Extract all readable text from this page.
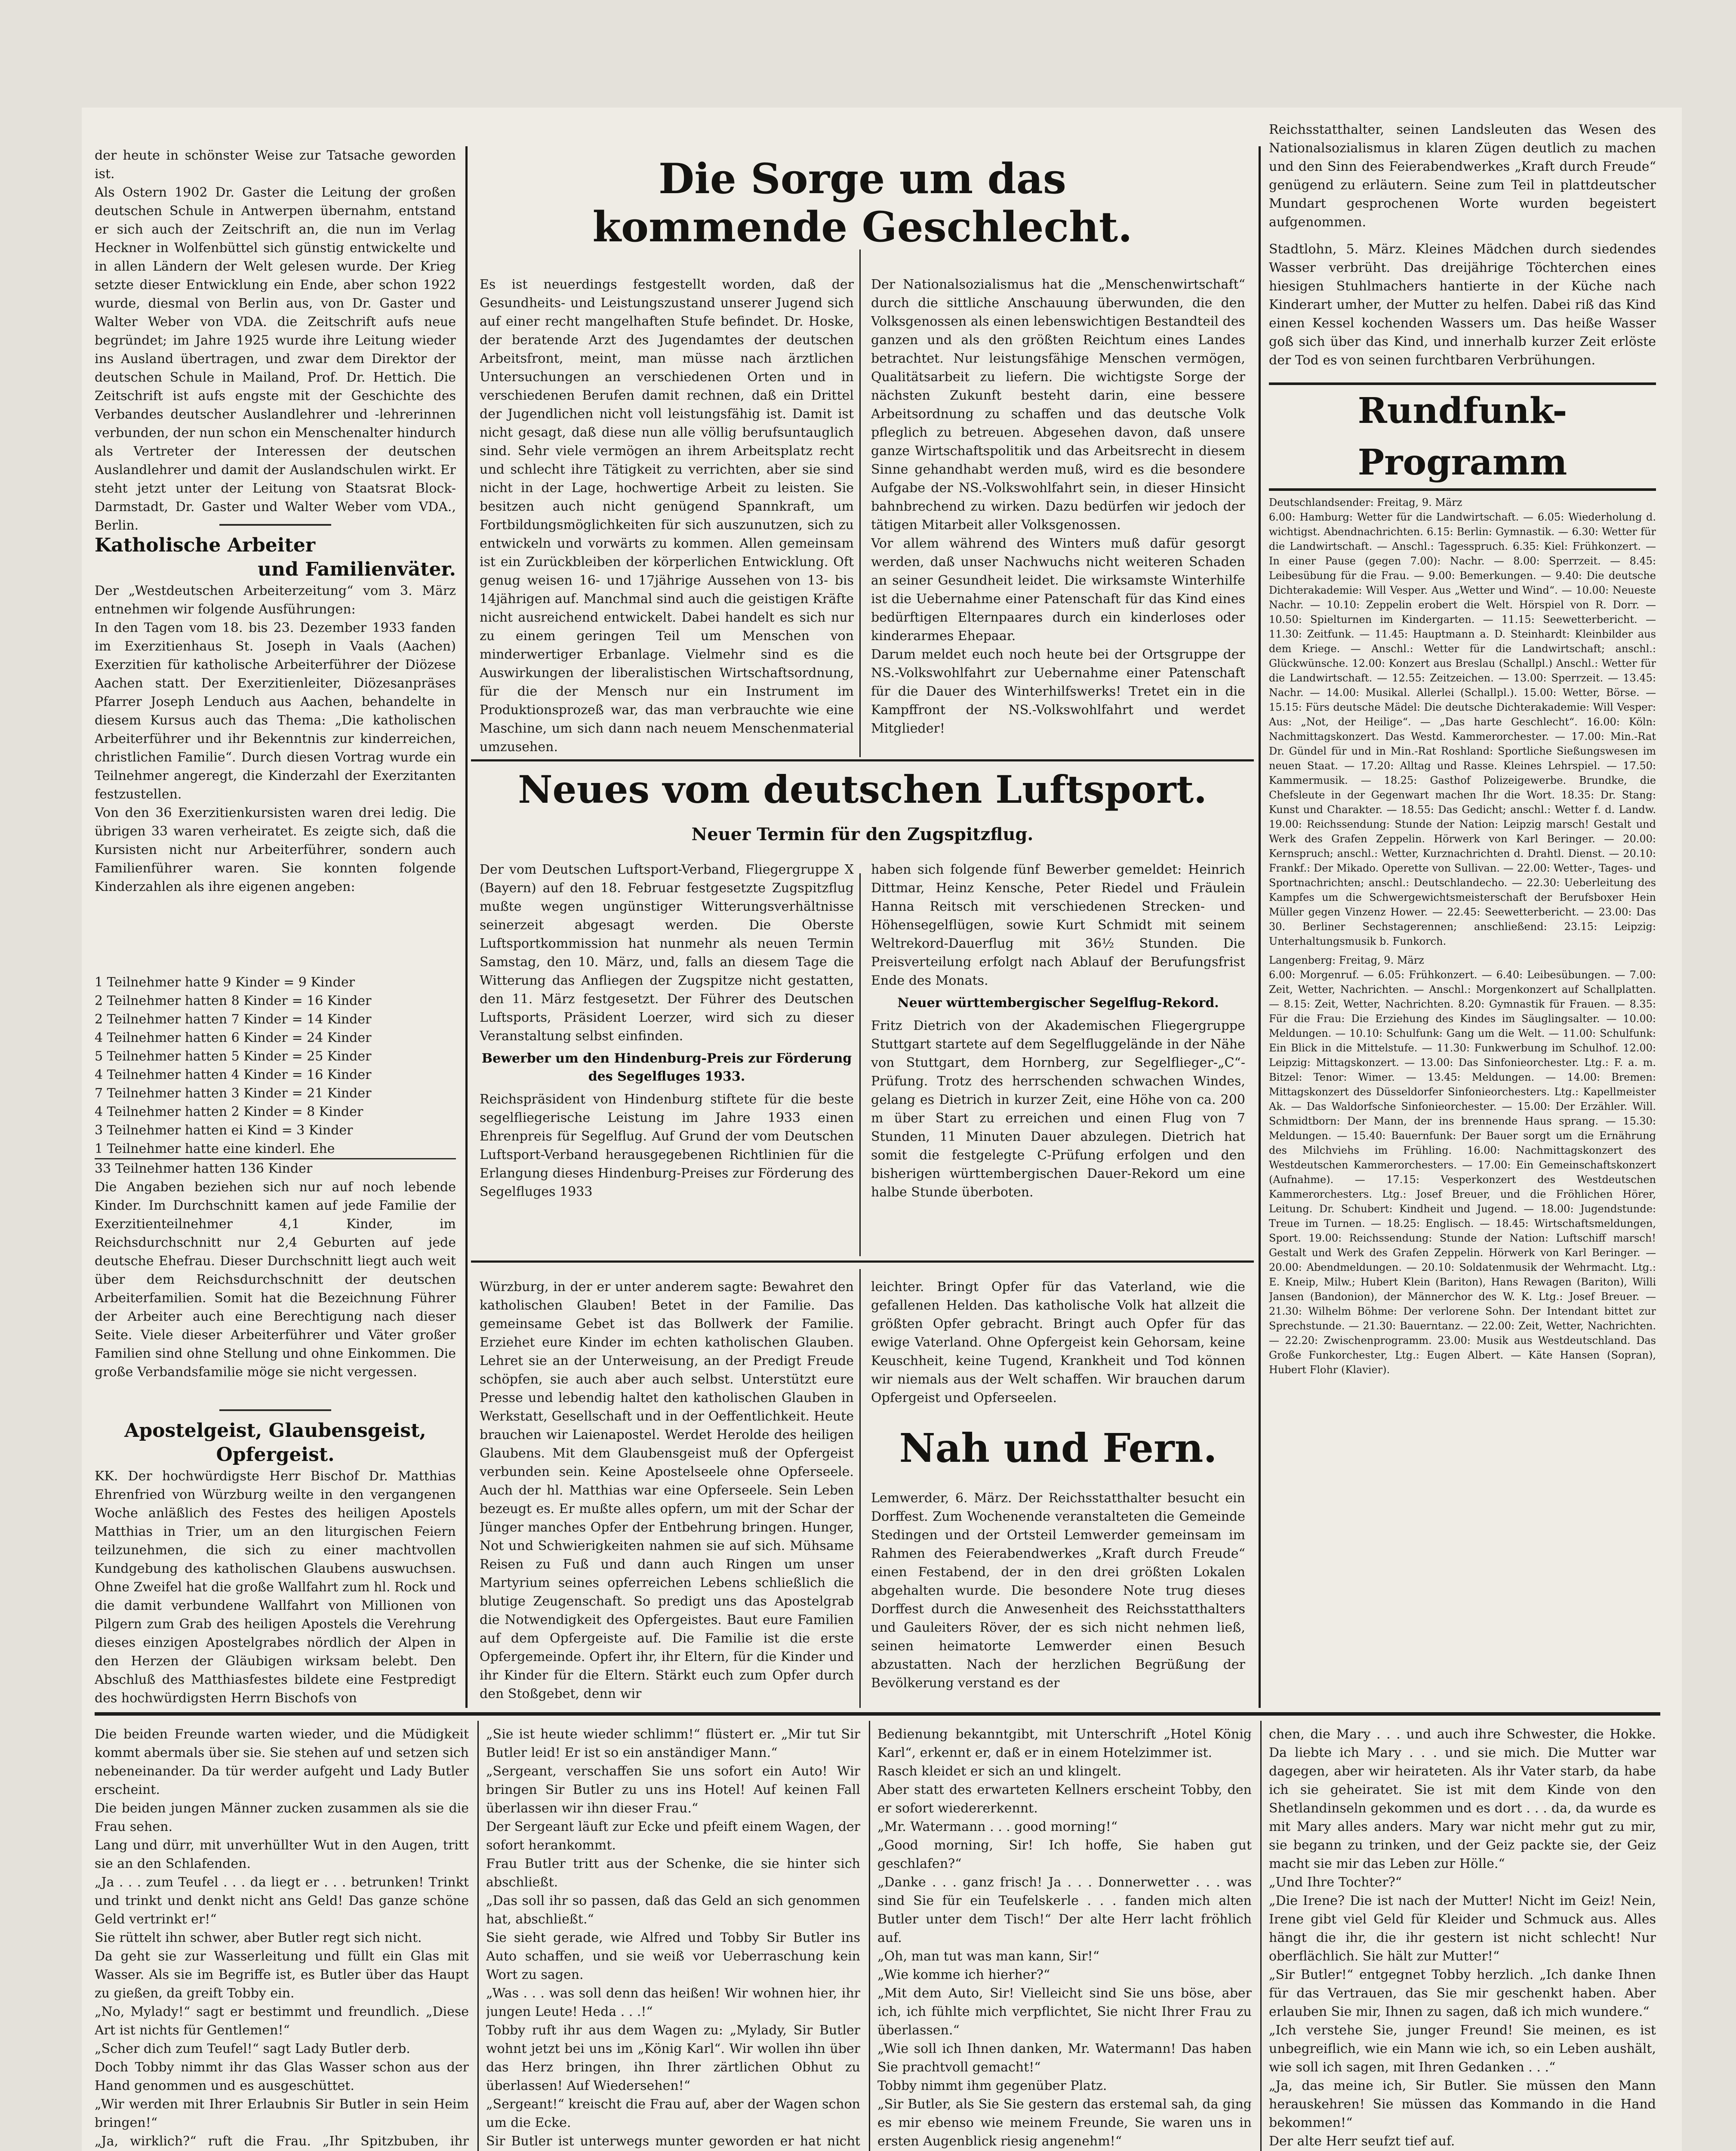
der heute in schönster Weise zur Tatsache geworden ist.
Als Ostern 1902 Dr. Gaster die Leitung der großen deutschen Schule in Antwerpen übernahm, entstand er sich auch der Zeitschrift an, die nun im Verlag Heckner in Wolfenbüttel sich günstig entwickelte und in allen Ländern der Welt gelesen wurde. Der Krieg setzte dieser Entwicklung ein Ende, aber schon 1922 wurde, diesmal von Berlin aus, von Dr. Gaster und Walter Weber von VDA. die Zeitschrift aufs neue begründet; im Jahre 1925 wurde ihre Leitung wieder ins Ausland übertragen, und zwar dem Direktor der deutschen Schule in Mailand, Prof. Dr. Hettich. Die Zeitschrift ist aufs engste mit der Geschichte des Verbandes deutscher Auslandlehrer und -lehrerinnen verbunden, der nun schon ein Menschenalter hindurch als Vertreter der Interessen der deutschen Auslandlehrer und damit der Auslandschulen wirkt. Er steht jetzt unter der Leitung von Staatsrat Block-Darmstadt, Dr. Gaster und Walter Weber vom VDA., Berlin.

Katholische Arbeiter

und Familienväter.

Der „Westdeutschen Arbeiterzeitung“ vom 3. März entnehmen wir folgende Ausführungen:
In den Tagen vom 18. bis 23. Dezember 1933 fanden im Exerzitienhaus St. Joseph in Vaals (Aachen) Exerzitien für katholische Arbeiterführer der Diözese Aachen statt. Der Exerzitienleiter, Diözesanpräses Pfarrer Joseph Lenduch aus Aachen, behandelte in diesem Kursus auch das Thema: „Die katholischen Arbeiterführer und ihr Bekenntnis zur kinderreichen, christlichen Familie“. Durch diesen Vortrag wurde ein Teilnehmer angeregt, die Kinderzahl der Exerzitanten festzustellen.
Von den 36 Exerzitienkursisten waren drei ledig. Die übrigen 33 waren verheiratet. Es zeigte sich, daß die Kursisten nicht nur Arbeiterführer, sondern auch Familienführer waren. Sie konnten folgende Kinderzahlen als ihre eigenen angeben:

1 Teilnehmer hatte 9 Kinder = 9 Kinder
2 Teilnehmer hatten 8 Kinder = 16 Kinder
2 Teilnehmer hatten 7 Kinder = 14 Kinder
4 Teilnehmer hatten 6 Kinder = 24 Kinder
5 Teilnehmer hatten 5 Kinder = 25 Kinder
4 Teilnehmer hatten 4 Kinder = 16 Kinder
7 Teilnehmer hatten 3 Kinder = 21 Kinder
4 Teilnehmer hatten 2 Kinder = 8 Kinder
3 Teilnehmer hatten ei Kind = 3 Kinder
1 Teilnehmer hatte eine kinderl. Ehe
33 Teilnehmer hatten 136 Kinder

Die Angaben beziehen sich nur auf noch lebende Kinder. Im Durchschnitt kamen auf jede Familie der Exerzitienteilnehmer 4,1 Kinder, im Reichsdurchschnitt nur 2,4 Geburten auf jede deutsche Ehefrau. Dieser Durchschnitt liegt auch weit über dem Reichsdurchschnitt der deutschen Arbeiterfamilien. Somit hat die Bezeichnung Führer der Arbeiter auch eine Berechtigung nach dieser Seite. Viele dieser Arbeiterführer und Väter großer Familien sind ohne Stellung und ohne Einkommen. Die große Verbandsfamilie möge sie nicht vergessen.

Apostelgeist, Glaubensgeist,

Opfergeist.

KK. Der hochwürdigste Herr Bischof Dr. Matthias Ehrenfried von Würzburg weilte in den vergangenen Woche anläßlich des Festes des heiligen Apostels Matthias in Trier, um an den liturgischen Feiern teilzunehmen, die sich zu einer machtvollen Kundgebung des katholischen Glaubens auswuchsen. Ohne Zweifel hat die große Wallfahrt zum hl. Rock und die damit verbundene Wallfahrt von Millionen von Pilgern zum Grab des heiligen Apostels die Verehrung dieses einzigen Apostelgrabes nördlich der Alpen in den Herzen der Gläubigen wirksam belebt. Den Abschluß des Matthiasfestes bildete eine Festpredigt des hochwürdigsten Herrn Bischofs von

Die Sorge um das kommende Geschlecht.

Es ist neuerdings festgestellt worden, daß der Gesundheits- und Leistungszustand unserer Jugend sich auf einer recht mangelhaften Stufe befindet. Dr. Hoske, der beratende Arzt des Jugendamtes der deutschen Arbeitsfront, meint, man müsse nach ärztlichen Untersuchungen an verschiedenen Orten und in verschiedenen Berufen damit rechnen, daß ein Drittel der Jugendlichen nicht voll leistungsfähig ist. Damit ist nicht gesagt, daß diese nun alle völlig berufsuntauglich sind. Sehr viele vermögen an ihrem Arbeitsplatz recht und schlecht ihre Tätigkeit zu verrichten, aber sie sind nicht in der Lage, hochwertige Arbeit zu leisten. Sie besitzen auch nicht genügend Spannkraft, um Fortbildungsmöglichkeiten für sich auszunutzen, sich zu entwickeln und vorwärts zu kommen. Allen gemeinsam ist ein Zurückbleiben der körperlichen Entwicklung. Oft genug weisen 16- und 17jährige Aussehen von 13- bis 14jährigen auf. Manchmal sind auch die geistigen Kräfte nicht ausreichend entwickelt. Dabei handelt es sich nur zu einem geringen Teil um Menschen von minderwertiger Erbanlage. Vielmehr sind es die Auswirkungen der liberalistischen Wirtschaftsordnung, für die der Mensch nur ein Instrument im Produktionsprozeß war, das man verbrauchte wie eine Maschine, um sich dann nach neuem Menschenmaterial umzusehen.

Der Nationalsozialismus hat die „Menschenwirtschaft“ durch die sittliche Anschauung überwunden, die den Volksgenossen als einen lebenswichtigen Bestandteil des ganzen und als den größten Reichtum eines Landes betrachtet. Nur leistungsfähige Menschen vermögen, Qualitätsarbeit zu liefern. Die wichtigste Sorge der nächsten Zukunft besteht darin, eine bessere Arbeitsordnung zu schaffen und das deutsche Volk pfleglich zu betreuen. Abgesehen davon, daß unsere ganze Wirtschaftspolitik und das Arbeitsrecht in diesem Sinne gehandhabt werden muß, wird es die besondere Aufgabe der NS.-Volkswohlfahrt sein, in dieser Hinsicht bahnbrechend zu wirken. Dazu bedürfen wir jedoch der tätigen Mitarbeit aller Volksgenossen.
Vor allem während des Winters muß dafür gesorgt werden, daß unser Nachwuchs nicht weiteren Schaden an seiner Gesundheit leidet. Die wirksamste Winterhilfe ist die Uebernahme einer Patenschaft für das Kind eines bedürftigen Elternpaares durch ein kinderloses oder kinderarmes Ehepaar.
Darum meldet euch noch heute bei der Ortsgruppe der NS.-Volkswohlfahrt zur Uebernahme einer Patenschaft für die Dauer des Winterhilfswerks! Tretet ein in die Kampffront der NS.-Volkswohlfahrt und werdet Mitglieder!

Neues vom deutschen Luftsport.

Neuer Termin für den Zugspitzflug.

Der vom Deutschen Luftsport-Verband, Fliegergruppe X (Bayern) auf den 18. Februar festgesetzte Zugspitzflug mußte wegen ungünstiger Witterungsverhältnisse seinerzeit abgesagt werden. Die Oberste Luftsportkommission hat nunmehr als neuen Termin Samstag, den 10. März, und, falls an diesem Tage die Witterung das Anfliegen der Zugspitze nicht gestatten, den 11. März festgesetzt. Der Führer des Deutschen Luftsports, Präsident Loerzer, wird sich zu dieser Veranstaltung selbst einfinden.

Bewerber um den Hindenburg-Preis zur Förderung des Segelfluges 1933.

Reichspräsident von Hindenburg stiftete für die beste segelfliegerische Leistung im Jahre 1933 einen Ehrenpreis für Segelflug. Auf Grund der vom Deutschen Luftsport-Verband herausgegebenen Richtlinien für die Erlangung dieses Hindenburg-Preises zur Förderung des Segelfluges 1933

haben sich folgende fünf Bewerber gemeldet: Heinrich Dittmar, Heinz Kensche, Peter Riedel und Fräulein Hanna Reitsch mit verschiedenen Strecken- und Höhensegelflügen, sowie Kurt Schmidt mit seinem Weltrekord-Dauerflug mit 36½ Stunden. Die Preisverteilung erfolgt nach Ablauf der Berufungsfrist Ende des Monats.

Neuer württembergischer Segelflug-Rekord.

Fritz Dietrich von der Akademischen Fliegergruppe Stuttgart startete auf dem Segelfluggelände in der Nähe von Stuttgart, dem Hornberg, zur Segelflieger-„C“-Prüfung. Trotz des herrschenden schwachen Windes, gelang es Dietrich in kurzer Zeit, eine Höhe von ca. 200 m über Start zu erreichen und einen Flug von 7 Stunden, 11 Minuten Dauer abzulegen. Dietrich hat somit die festgelegte C-Prüfung erfolgen und den bisherigen württembergischen Dauer-Rekord um eine halbe Stunde überboten.

Würzburg, in der er unter anderem sagte: Bewahret den katholischen Glauben! Betet in der Familie. Das gemeinsame Gebet ist das Bollwerk der Familie. Erziehet eure Kinder im echten katholischen Glauben. Lehret sie an der Unterweisung, an der Predigt Freude schöpfen, sie auch aber auch selbst. Unterstützt eure Presse und lebendig haltet den katholischen Glauben in Werkstatt, Gesellschaft und in der Oeffentlichkeit. Heute brauchen wir Laienapostel. Werdet Herolde des heiligen Glaubens. Mit dem Glaubensgeist muß der Opfergeist verbunden sein. Keine Apostelseele ohne Opferseele. Auch der hl. Matthias war eine Opferseele. Sein Leben bezeugt es. Er mußte alles opfern, um mit der Schar der Jünger manches Opfer der Entbehrung bringen. Hunger, Not und Schwierigkeiten nahmen sie auf sich. Mühsame Reisen zu Fuß und dann auch Ringen um unser Martyrium seines opferreichen Lebens schließlich die blutige Zeugenschaft. So predigt uns das Apostelgrab die Notwendigkeit des Opfergeistes. Baut eure Familien auf dem Opfergeiste auf. Die Familie ist die erste Opfergemeinde. Opfert ihr, ihr Eltern, für die Kinder und ihr Kinder für die Eltern. Stärkt euch zum Opfer durch den Stoßgebet, denn wir

leichter. Bringt Opfer für das Vaterland, wie die gefallenen Helden. Das katholische Volk hat allzeit die größten Opfer gebracht. Bringt auch Opfer für das ewige Vaterland. Ohne Opfergeist kein Gehorsam, keine Keuschheit, keine Tugend, Krankheit und Tod können wir niemals aus der Welt schaffen. Wir brauchen darum Opfergeist und Opferseelen.

Nah und Fern.

Lemwerder, 6. März. Der Reichsstatthalter besucht ein Dorffest. Zum Wochenende veranstalteten die Gemeinde Stedingen und der Ortsteil Lemwerder gemeinsam im Rahmen des Feierabendwerkes „Kraft durch Freude“ einen Festabend, der in den drei größten Lokalen abgehalten wurde. Die besondere Note trug dieses Dorffest durch die Anwesenheit des Reichsstatthalters und Gauleiters Röver, der es sich nicht nehmen ließ, seinen heimatorte Lemwerder einen Besuch abzustatten. Nach der herzlichen Begrüßung der Bevölkerung verstand es der

Reichsstatthalter, seinen Landsleuten das Wesen des Nationalsozialismus in klaren Zügen deutlich zu machen und den Sinn des Feierabendwerkes „Kraft durch Freude“ genügend zu erläutern. Seine zum Teil in plattdeutscher Mundart gesprochenen Worte wurden begeistert aufgenommen.

Stadtlohn, 5. März. Kleines Mädchen durch siedendes Wasser verbrüht. Das dreijährige Töchterchen eines hiesigen Stuhlmachers hantierte in der Küche nach Kinderart umher, der Mutter zu helfen. Dabei riß das Kind einen Kessel kochenden Wassers um. Das heiße Wasser goß sich über das Kind, und innerhalb kurzer Zeit erlöste der Tod es von seinen furchtbaren Verbrühungen.

Rundfunk-Programm

Deutschlandsender: Freitag, 9. März
6.00: Hamburg: Wetter für die Landwirtschaft. — 6.05: Wiederholung d. wichtigst. Abendnachrichten. 6.15: Berlin: Gymnastik. — 6.30: Wetter für die Landwirtschaft. — Anschl.: Tagesspruch. 6.35: Kiel: Frühkonzert. — In einer Pause (gegen 7.00): Nachr. — 8.00: Sperrzeit. — 8.45: Leibesübung für die Frau. — 9.00: Bemerkungen. — 9.40: Die deutsche Dichterakademie: Will Vesper. Aus „Wetter und Wind“. — 10.00: Neueste Nachr. — 10.10: Zeppelin erobert die Welt. Hörspiel von R. Dorr. — 10.50: Spielturnen im Kindergarten. — 11.15: Seewetterbericht. — 11.30: Zeitfunk. — 11.45: Hauptmann a. D. Steinhardt: Kleinbilder aus dem Kriege. — Anschl.: Wetter für die Landwirtschaft; anschl.: Glückwünsche. 12.00: Konzert aus Breslau (Schallpl.) Anschl.: Wetter für die Landwirtschaft. — 12.55: Zeitzeichen. — 13.00: Sperrzeit. — 13.45: Nachr. — 14.00: Musikal. Allerlei (Schallpl.). 15.00: Wetter, Börse. — 15.15: Fürs deutsche Mädel: Die deutsche Dichterakademie: Will Vesper: Aus: „Not, der Heilige“. — „Das harte Geschlecht“. 16.00: Köln: Nachmittagskonzert. Das Westd. Kammerorchester. — 17.00: Min.-Rat Dr. Gündel für und in Min.-Rat Roshland: Sportliche Sießungswesen im neuen Staat. — 17.20: Alltag und Rasse. Kleines Lehrspiel. — 17.50: Kammermusik. — 18.25: Gasthof Polizeigewerbe. Brundke, die Chefsleute in der Gegenwart machen Ihr die Wort. 18.35: Dr. Stang: Kunst und Charakter. — 18.55: Das Gedicht; anschl.: Wetter f. d. Landw. 19.00: Reichssendung: Stunde der Nation: Leipzig marsch! Gestalt und Werk des Grafen Zeppelin. Hörwerk von Karl Beringer. — 20.00: Kernspruch; anschl.: Wetter, Kurznachrichten d. Drahtl. Dienst. — 20.10: Frankf.: Der Mikado. Operette von Sullivan. — 22.00: Wetter-, Tages- und Sportnachrichten; anschl.: Deutschlandecho. — 22.30: Ueberleitung des Kampfes um die Schwergewichtsmeisterschaft der Berufsboxer Hein Müller gegen Vinzenz Hower. — 22.45: Seewetterbericht. — 23.00: Das 30. Berliner Sechstagerennen; anschließend: 23.15: Leipzig: Unterhaltungsmusik b. Funkorch.

Langenberg: Freitag, 9. März
6.00: Morgenruf. — 6.05: Frühkonzert. — 6.40: Leibesübungen. — 7.00: Zeit, Wetter, Nachrichten. — Anschl.: Morgenkonzert auf Schallplatten. — 8.15: Zeit, Wetter, Nachrichten. 8.20: Gymnastik für Frauen. — 8.35: Für die Frau: Die Erziehung des Kindes im Säuglingsalter. — 10.00: Meldungen. — 10.10: Schulfunk: Gang um die Welt. — 11.00: Schulfunk: Ein Blick in die Mittelstufe. — 11.30: Funkwerbung im Schulhof. 12.00: Leipzig: Mittagskonzert. — 13.00: Das Sinfonieorchester. Ltg.: F. a. m. Bitzel: Tenor: Wimer. — 13.45: Meldungen. — 14.00: Bremen: Mittagskonzert des Düsseldorfer Sinfonieorchesters. Ltg.: Kapellmeister Ak. — Das Waldorfsche Sinfonieorchester. — 15.00: Der Erzähler. Will. Schmidtborn: Der Mann, der ins brennende Haus sprang. — 15.30: Meldungen. — 15.40: Bauernfunk: Der Bauer sorgt um die Ernährung des Milchviehs im Frühling. 16.00: Nachmittagskonzert des Westdeutschen Kammerorchesters. — 17.00: Ein Gemeinschaftskonzert (Aufnahme). — 17.15: Vesperkonzert des Westdeutschen Kammerorchesters. Ltg.: Josef Breuer, und die Fröhlichen Hörer, Leitung. Dr. Schubert: Kindheit und Jugend. — 18.00: Jugendstunde: Treue im Turnen. — 18.25: Englisch. — 18.45: Wirtschaftsmeldungen, Sport. 19.00: Reichssendung: Stunde der Nation: Luftschiff marsch! Gestalt und Werk des Grafen Zeppelin. Hörwerk von Karl Beringer. — 20.00: Abendmeldungen. — 20.10: Soldatenmusik der Wehrmacht. Ltg.: E. Kneip, Milw.; Hubert Klein (Bariton), Hans Rewagen (Bariton), Willi Jansen (Bandonion), der Männerchor des W. K. Ltg.: Josef Breuer. — 21.30: Wilhelm Böhme: Der verlorene Sohn. Der Intendant bittet zur Sprechstunde. — 21.30: Bauerntanz. — 22.00: Zeit, Wetter, Nachrichten. — 22.20: Zwischenprogramm. 23.00: Musik aus Westdeutschland. Das Große Funkorchester, Ltg.: Eugen Albert. — Käte Hansen (Sopran), Hubert Flohr (Klavier).

Die beiden Freunde warten wieder, und die Müdigkeit kommt abermals über sie. Sie stehen auf und setzen sich nebeneinander. Da tür werder aufgeht und Lady Butler erscheint.
Die beiden jungen Männer zucken zusammen als sie die Frau sehen.
Lang und dürr, mit unverhüllter Wut in den Augen, tritt sie an den Schlafenden.
„Ja . . . zum Teufel . . . da liegt er . . . betrunken! Trinkt und trinkt und denkt nicht ans Geld! Das ganze schöne Geld vertrinkt er!“
Sie rüttelt ihn schwer, aber Butler regt sich nicht.
Da geht sie zur Wasserleitung und füllt ein Glas mit Wasser. Als sie im Begriffe ist, es Butler über das Haupt zu gießen, da greift Tobby ein.
„No, Mylady!“ sagt er bestimmt und freundlich. „Diese Art ist nichts für Gentlemen!“
„Scher dich zum Teufel!“ sagt Lady Butler derb.
Doch Tobby nimmt ihr das Glas Wasser schon aus der Hand genommen und es ausgeschüttet.
„Wir werden mit Ihrer Erlaubnis Sir Butler in sein Heim bringen!“
„Ja, wirklich?“ ruft die Frau. „Ihr Spitzbuben, ihr

„Sie ist heute wieder schlimm!“ flüstert er. „Mir tut Sir Butler leid! Er ist so ein anständiger Mann.“
„Sergeant, verschaffen Sie uns sofort ein Auto! Wir bringen Sir Butler zu uns ins Hotel! Auf keinen Fall überlassen wir ihn dieser Frau.“
Der Sergeant läuft zur Ecke und pfeift einem Wagen, der sofort herankommt.
Frau Butler tritt aus der Schenke, die sie hinter sich abschließt.
„Das soll ihr so passen, daß das Geld an sich genommen hat, abschließt.“
Sie sieht gerade, wie Alfred und Tobby Sir Butler ins Auto schaffen, und sie weiß vor Ueberraschung kein Wort zu sagen.
„Was . . . was soll denn das heißen! Wir wohnen hier, ihr jungen Leute! Heda . . .!“
Tobby ruft ihr aus dem Wagen zu: „Mylady, Sir Butler wohnt jetzt bei uns im „König Karl“. Wir wollen ihn über das Herz bringen, ihn Ihrer zärtlichen Obhut zu überlassen! Auf Wiedersehen!“
„Sergeant!“ kreischt die Frau auf, aber der Wagen schon um die Ecke.
Sir Butler ist unterwegs munter geworden er hat nicht

Bedienung bekanntgibt, mit Unterschrift „Hotel König Karl“, erkennt er, daß er in einem Hotelzimmer ist.
Rasch kleidet er sich an und klingelt.
Aber statt des erwarteten Kellners erscheint Tobby, den er sofort wiedererkennt.
„Mr. Watermann . . . good morning!“
„Good morning, Sir! Ich hoffe, Sie haben gut geschlafen?“
„Danke . . . ganz frisch! Ja . . . Donnerwetter . . . was sind Sie für ein Teufelskerle . . . fanden mich alten Butler unter dem Tisch!“ Der alte Herr lacht fröhlich auf.
„Oh, man tut was man kann, Sir!“
„Wie komme ich hierher?“
„Mit dem Auto, Sir! Vielleicht sind Sie uns böse, aber ich, ich fühlte mich verpflichtet, Sie nicht Ihrer Frau zu überlassen.“
„Wie soll ich Ihnen danken, Mr. Watermann! Das haben Sie prachtvoll gemacht!“
Tobby nimmt ihm gegenüber Platz.
„Sir Butler, als Sie Sie gestern das erstemal sah, da ging es mir ebenso wie meinem Freunde, Sie waren uns in ersten Augenblick riesig angenehm!“

chen, die Mary . . . und auch ihre Schwester, die Hokke. Da liebte ich Mary . . . und sie mich. Die Mutter war dagegen, aber wir heirateten. Als ihr Vater starb, da habe ich sie geheiratet. Sie ist mit dem Kinde von den Shetlandinseln gekommen und es dort . . . da, da wurde es mit Mary alles anders. Mary war nicht mehr gut zu mir, sie begann zu trinken, und der Geiz packte sie, der Geiz macht sie mir das Leben zur Hölle.“
„Und Ihre Tochter?“
„Die Irene? Die ist nach der Mutter! Nicht im Geiz! Nein, Irene gibt viel Geld für Kleider und Schmuck aus. Alles hängt die ihr, die ihr gestern ist nicht schlecht! Nur oberflächlich. Sie hält zur Mutter!“
„Sir Butler!“ entgegnet Tobby herzlich. „Ich danke Ihnen für das Vertrauen, das Sie mir geschenkt haben. Aber erlauben Sie mir, Ihnen zu sagen, daß ich mich wundere.“
„Ich verstehe Sie, junger Freund! Sie meinen, es ist unbegreiflich, wie ein Mann wie ich, so ein Leben aushält, wie soll ich sagen, mit Ihren Gedanken . . .“
„Ja, das meine ich, Sir Butler. Sie müssen den Mann herauskehren! Sie müssen das Kommando in die Hand bekommen!“
Der alte Herr seufzt tief auf.
